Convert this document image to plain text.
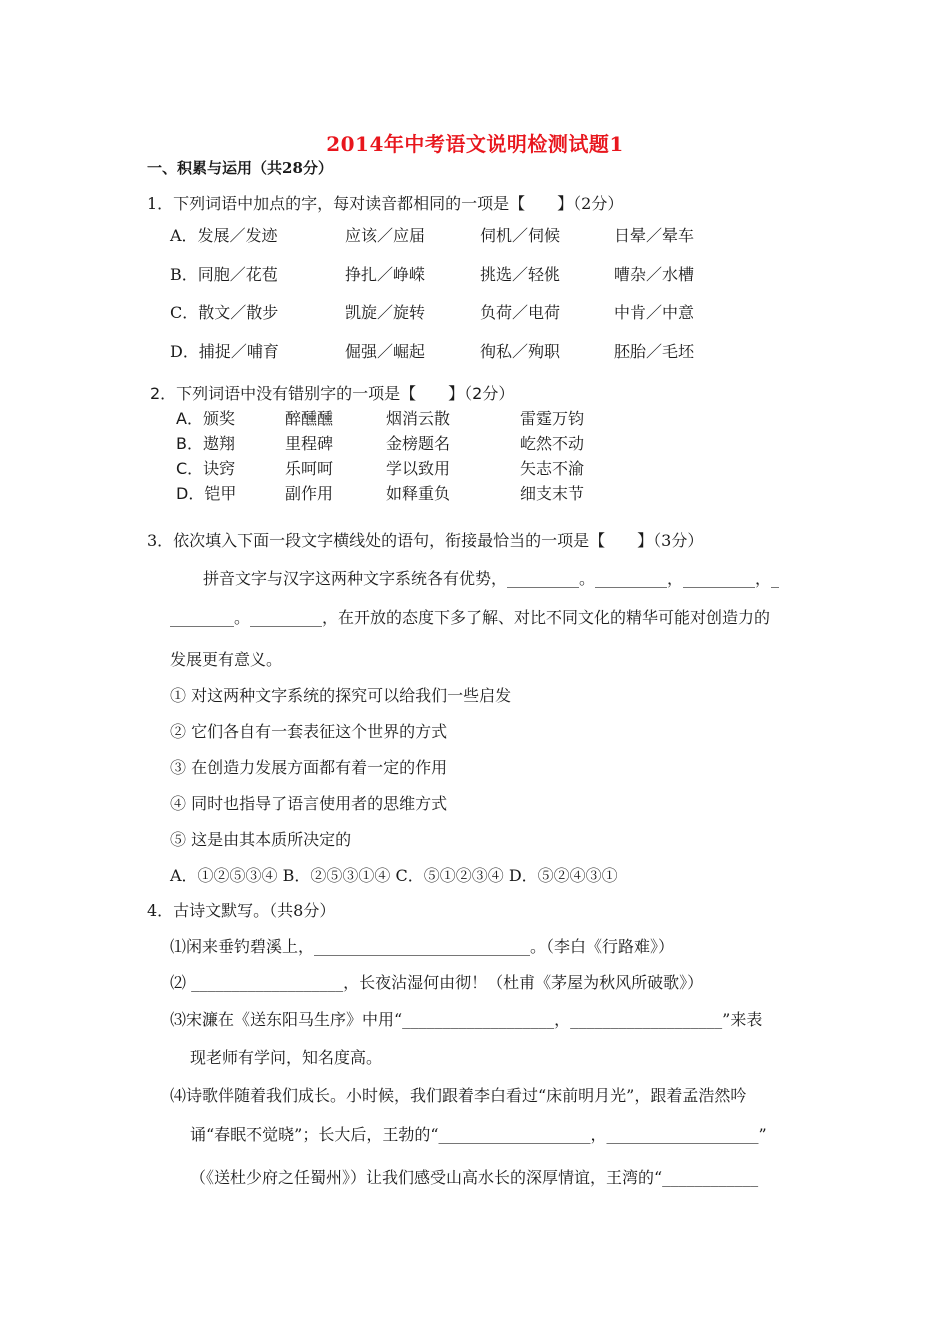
2014年中考语文说明检测试题1
一、积累与运用（共28分）
1．下列词语中加点的字，每对读音都相同的一项是【　　】（2分）
A．发展／发迹	应该／应届	伺机／伺候	日晕／晕车
B．同胞／花苞	挣扎／峥嵘	挑选／轻佻	嘈杂／水槽
C．散文／散步	凯旋／旋转	负荷／电荷	中肯／中意
D．捕捉／哺育	倔强／崛起	徇私／殉职	胚胎／毛坯
2．下列词语中没有错别字的一项是【　　】（2分）
A．颁奖	醉醺醺	烟消云散	雷霆万钧
B．遨翔	里程碑	金榜题名	屹然不动
C．诀窍	乐呵呵	学以致用	矢志不渝
D．铠甲	副作用	如释重负	细支末节
3．依次填入下面一段文字横线处的语句，衔接最恰当的一项是【　　】（3分）
拼音文字与汉字这两种文字系统各有优势，_________。_________，_________，_
________。_________，在开放的态度下多了解、对比不同文化的精华可能对创造力的
发展更有意义。
① 对这两种文字系统的探究可以给我们一些启发
② 它们各自有一套表征这个世界的方式
③ 在创造力发展方面都有着一定的作用
④ 同时也指导了语言使用者的思维方式
⑤ 这是由其本质所决定的
A．①②⑤③④ B．②⑤③①④ C．⑤①②③④ D．⑤②④③①
4．古诗文默写。（共8分）
⑴闲来垂钓碧溪上，___________________________。（李白《行路难》）
⑵ ___________________，长夜沾湿何由彻！（杜甫《茅屋为秋风所破歌》）
⑶宋濂在《送东阳马生序》中用“___________________，___________________”来表
现老师有学问，知名度高。
⑷诗歌伴随着我们成长。小时候，我们跟着李白看过“床前明月光”，跟着孟浩然吟
诵“春眠不觉晓”；长大后，王勃的“___________________，___________________”
（《送杜少府之任蜀州》）让我们感受山高水长的深厚情谊，王湾的“____________
